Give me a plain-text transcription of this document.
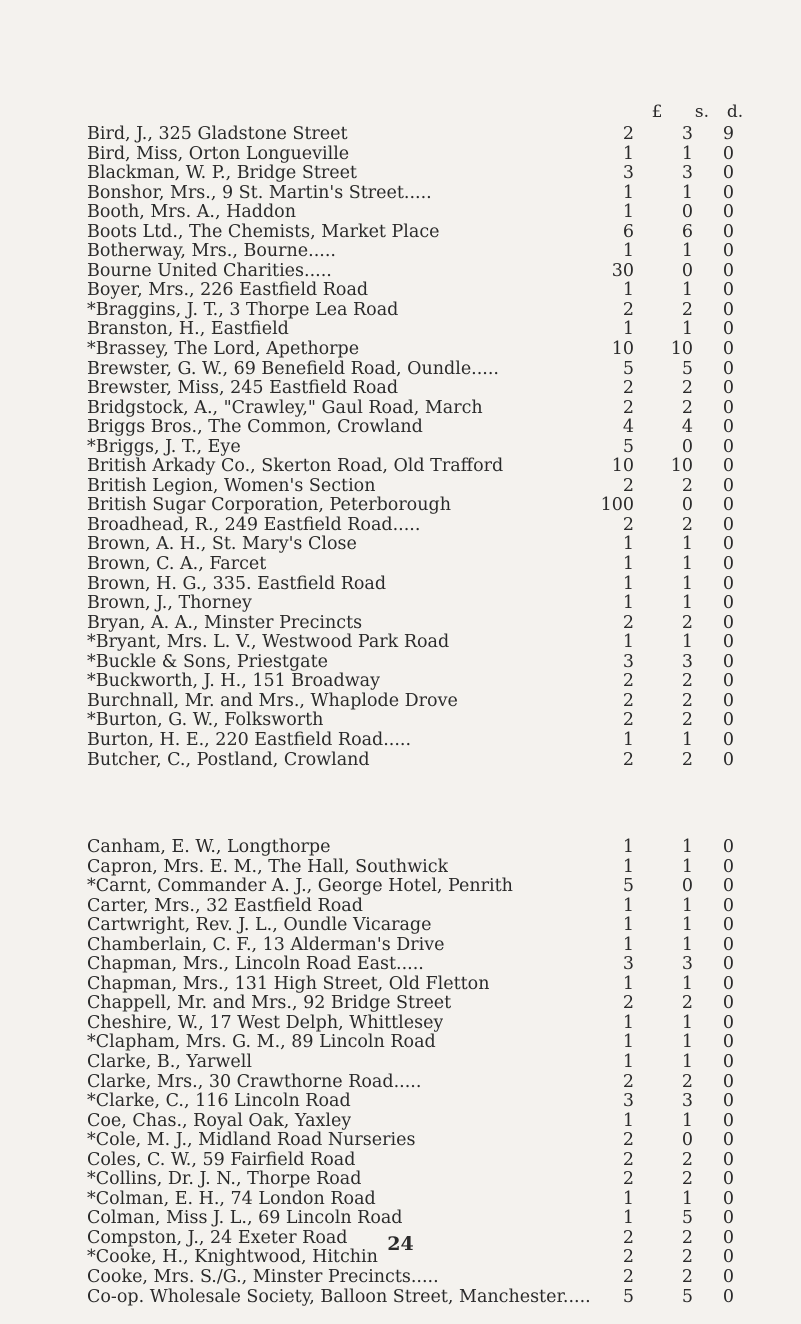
£	s. d.
Bird, J., 325 Gladstone Street	2	3	9
Bird, Miss, Orton Longueville	1	1	0
Blackman, W. P., Bridge Street	3	3	0
Bonshor, Mrs., 9 St. Martin's Street.....	1	1	0
Booth, Mrs. A., Haddon	1	0	0
Boots Ltd., The Chemists, Market Place	6	6	0
Botherway, Mrs., Bourne.....	1	1	0
Bourne United Charities.....	30	0	0
Boyer, Mrs., 226 Eastfield Road	1	1	0
*Braggins, J. T., 3 Thorpe Lea Road	2	2	0
Branston, H., Eastfield	1	1	0
*Brassey, The Lord, Apethorpe	10	10	0
Brewster, G. W., 69 Benefield Road, Oundle.....	5	5	0
Brewster, Miss, 245 Eastfield Road	2	2	0
Bridgstock, A., "Crawley," Gaul Road, March	2	2	0
Briggs Bros., The Common, Crowland	4	4	0
*Briggs, J. T., Eye	5	0	0
British Arkady Co., Skerton Road, Old Trafford	10	10	0
British Legion, Women's Section	2	2	0
British Sugar Corporation, Peterborough	100	0	0
Broadhead, R., 249 Eastfield Road.....	2	2	0
Brown, A. H., St. Mary's Close	1	1	0
Brown, C. A., Farcet	1	1	0
Brown, H. G., 335. Eastfield Road	1	1	0
Brown, J., Thorney	1	1	0
Bryan, A. A., Minster Precincts	2	2	0
*Bryant, Mrs. L. V., Westwood Park Road	1	1	0
*Buckle & Sons, Priestgate	3	3	0
*Buckworth, J. H., 151 Broadway	2	2	0
Burchnall, Mr. and Mrs., Whaplode Drove	2	2	0
*Burton, G. W., Folksworth	2	2	0
Burton, H. E., 220 Eastfield Road.....	1	1	0
Butcher, C., Postland, Crowland	2	2	0
Canham, E. W., Longthorpe	1	1	0
Capron, Mrs. E. M., The Hall, Southwick	1	1	0
*Carnt, Commander A. J., George Hotel, Penrith	5	0	0
Carter, Mrs., 32 Eastfield Road	1	1	0
Cartwright, Rev. J. L., Oundle Vicarage	1	1	0
Chamberlain, C. F., 13 Alderman's Drive	1	1	0
Chapman, Mrs., Lincoln Road East.....	3	3	0
Chapman, Mrs., 131 High Street, Old Fletton	1	1	0
Chappell, Mr. and Mrs., 92 Bridge Street	2	2	0
Cheshire, W., 17 West Delph, Whittlesey	1	1	0
*Clapham, Mrs. G. M., 89 Lincoln Road	1	1	0
Clarke, B., Yarwell	1	1	0
Clarke, Mrs., 30 Crawthorne Road.....	2	2	0
*Clarke, C., 116 Lincoln Road	3	3	0
Coe, Chas., Royal Oak, Yaxley	1	1	0
*Cole, M. J., Midland Road Nurseries	2	0	0
Coles, C. W., 59 Fairfield Road	2	2	0
*Collins, Dr. J. N., Thorpe Road	2	2	0
*Colman, E. H., 74 London Road	1	1	0
Colman, Miss J. L., 69 Lincoln Road	1	5	0
Compston, J., 24 Exeter Road	2	2	0
*Cooke, H., Knightwood, Hitchin	2	2	0
Cooke, Mrs. S./G., Minster Precincts.....	2	2	0
Co-op. Wholesale Society, Balloon Street, Manchester.....	5	5	0
24
